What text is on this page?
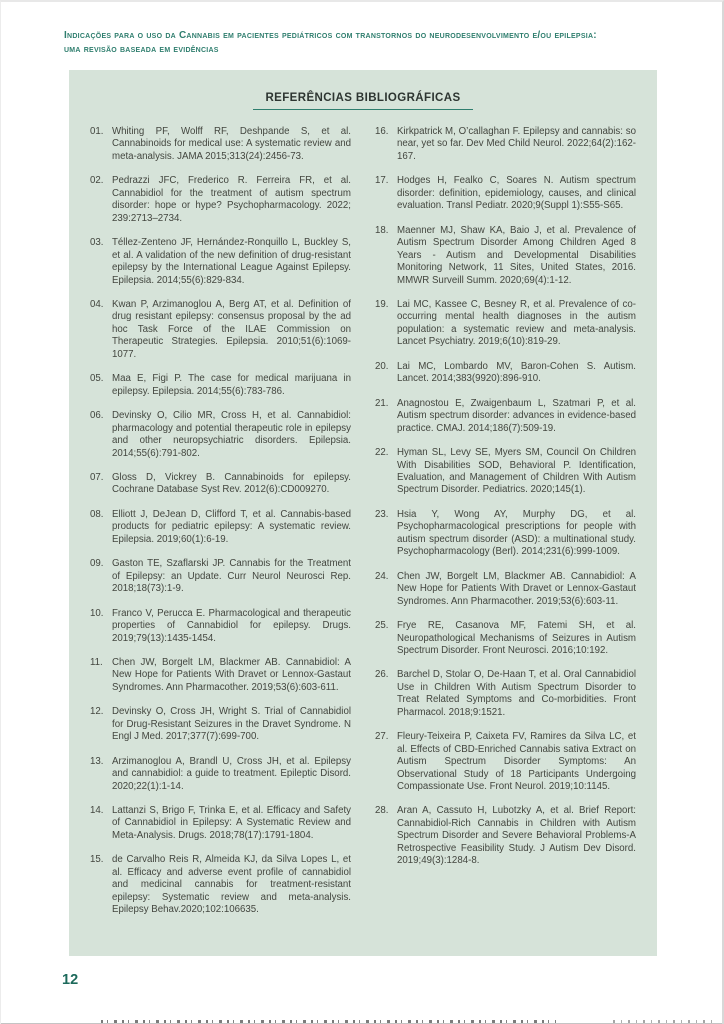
Indicações para o uso da Cannabis em pacientes pediátricos com transtornos do neurodesenvolvimento e/ou epilepsia:
uma revisão baseada em evidências
REFERÊNCIAS BIBLIOGRÁFICAS
01. Whiting PF, Wolff RF, Deshpande S, et al. Cannabinoids for medical use: A systematic review and meta-analysis. JAMA 2015;313(24):2456-73.
02. Pedrazzi JFC, Frederico R. Ferreira FR, et al. Cannabidiol for the treatment of autism spectrum disorder: hope or hype? Psychopharmacology. 2022; 239:2713–2734.
03. Téllez-Zenteno JF, Hernández-Ronquillo L, Buckley S, et al. A validation of the new definition of drug-resistant epilepsy by the International League Against Epilepsy. Epilepsia. 2014;55(6):829-834.
04. Kwan P, Arzimanoglou A, Berg AT, et al. Definition of drug resistant epilepsy: consensus proposal by the ad hoc Task Force of the ILAE Commission on Therapeutic Strategies. Epilepsia. 2010;51(6):1069-1077.
05. Maa E, Figi P. The case for medical marijuana in epilepsy. Epilepsia. 2014;55(6):783-786.
06. Devinsky O, Cilio MR, Cross H, et al. Cannabidiol: pharmacology and potential therapeutic role in epilepsy and other neuropsychiatric disorders. Epilepsia. 2014;55(6):791-802.
07. Gloss D, Vickrey B. Cannabinoids for epilepsy. Cochrane Database Syst Rev. 2012(6):CD009270.
08. Elliott J, DeJean D, Clifford T, et al. Cannabis-based products for pediatric epilepsy: A systematic review. Epilepsia. 2019;60(1):6-19.
09. Gaston TE, Szaflarski JP. Cannabis for the Treatment of Epilepsy: an Update. Curr Neurol Neurosci Rep. 2018;18(73):1-9.
10. Franco V, Perucca E. Pharmacological and therapeutic properties of Cannabidiol for epilepsy. Drugs. 2019;79(13):1435-1454.
11. Chen JW, Borgelt LM, Blackmer AB. Cannabidiol: A New Hope for Patients With Dravet or Lennox-Gastaut Syndromes. Ann Pharmacother. 2019;53(6):603-611.
12. Devinsky O, Cross JH, Wright S. Trial of Cannabidiol for Drug-Resistant Seizures in the Dravet Syndrome. N Engl J Med. 2017;377(7):699-700.
13. Arzimanoglou A, Brandl U, Cross JH, et al. Epilepsy and cannabidiol: a guide to treatment. Epileptic Disord. 2020;22(1):1-14.
14. Lattanzi S, Brigo F, Trinka E, et al. Efficacy and Safety of Cannabidiol in Epilepsy: A Systematic Review and Meta-Analysis. Drugs. 2018;78(17):1791-1804.
15. de Carvalho Reis R, Almeida KJ, da Silva Lopes L, et al. Efficacy and adverse event profile of cannabidiol and medicinal cannabis for treatment-resistant epilepsy: Systematic review and meta-analysis. Epilepsy Behav.2020;102:106635.
16. Kirkpatrick M, O’callaghan F. Epilepsy and cannabis: so near, yet so far. Dev Med Child Neurol. 2022;64(2):162-167.
17. Hodges H, Fealko C, Soares N. Autism spectrum disorder: definition, epidemiology, causes, and clinical evaluation. Transl Pediatr. 2020;9(Suppl 1):S55-S65.
18. Maenner MJ, Shaw KA, Baio J, et al. Prevalence of Autism Spectrum Disorder Among Children Aged 8 Years - Autism and Developmental Disabilities Monitoring Network, 11 Sites, United States, 2016. MMWR Surveill Summ. 2020;69(4):1-12.
19. Lai MC, Kassee C, Besney R, et al. Prevalence of co-occurring mental health diagnoses in the autism population: a systematic review and meta-analysis. Lancet Psychiatry. 2019;6(10):819-29.
20. Lai MC, Lombardo MV, Baron-Cohen S. Autism. Lancet. 2014;383(9920):896-910.
21. Anagnostou E, Zwaigenbaum L, Szatmari P, et al. Autism spectrum disorder: advances in evidence-based practice. CMAJ. 2014;186(7):509-19.
22. Hyman SL, Levy SE, Myers SM, Council On Children With Disabilities SOD, Behavioral P. Identification, Evaluation, and Management of Children With Autism Spectrum Disorder. Pediatrics. 2020;145(1).
23. Hsia Y, Wong AY, Murphy DG, et al. Psychopharmacological prescriptions for people with autism spectrum disorder (ASD): a multinational study. Psychopharmacology (Berl). 2014;231(6):999-1009.
24. Chen JW, Borgelt LM, Blackmer AB. Cannabidiol: A New Hope for Patients With Dravet or Lennox-Gastaut Syndromes. Ann Pharmacother. 2019;53(6):603-11.
25. Frye RE, Casanova MF, Fatemi SH, et al. Neuropathological Mechanisms of Seizures in Autism Spectrum Disorder. Front Neurosci. 2016;10:192.
26. Barchel D, Stolar O, De-Haan T, et al. Oral Cannabidiol Use in Children With Autism Spectrum Disorder to Treat Related Symptoms and Co-morbidities. Front Pharmacol. 2018;9:1521.
27. Fleury-Teixeira P, Caixeta FV, Ramires da Silva LC, et al. Effects of CBD-Enriched Cannabis sativa Extract on Autism Spectrum Disorder Symptoms: An Observational Study of 18 Participants Undergoing Compassionate Use. Front Neurol. 2019;10:1145.
28. Aran A, Cassuto H, Lubotzky A, et al. Brief Report: Cannabidiol-Rich Cannabis in Children with Autism Spectrum Disorder and Severe Behavioral Problems-A Retrospective Feasibility Study. J Autism Dev Disord. 2019;49(3):1284-8.
12
